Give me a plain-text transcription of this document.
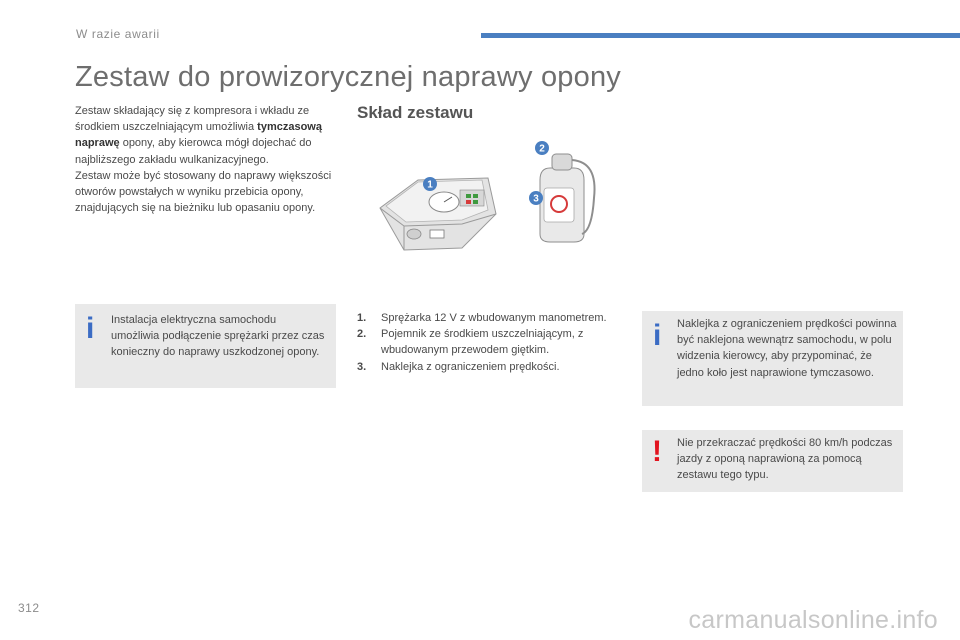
W razie awarii
Zestaw do prowizorycznej naprawy opony

Zestaw składający się z kompresora i wkładu ze środkiem uszczelniającym umożliwia tymczasową naprawę opony, aby kierowca mógł dojechać do najbliższego zakładu wulkanizacyjnego.

Zestaw może być stosowany do naprawy większości otworów powstałych w wyniku przebicia opony, znajdujących się na bieżniku lub opasaniu opony.

i Instalacja elektryczna samochodu umożliwia podłączenie sprężarki przez czas konieczny do naprawy uszkodzonej opony.
Skład zestawu
1
2
3
1. Sprężarka 12 V z wbudowanym manometrem.
2. Pojemnik ze środkiem uszczelniającym, z wbudowanym przewodem giętkim.
3. Naklejka z ograniczeniem prędkości.
i Naklejka z ograniczeniem prędkości powinna być naklejona wewnątrz samochodu, w polu widzenia kierowcy, aby przypominać, że jedno koło jest naprawione tymczasowo.
! Nie przekraczać prędkości 80 km/h podczas jazdy z oponą naprawioną za pomocą zestawu tego typu.
312	carmanualsonline.info
